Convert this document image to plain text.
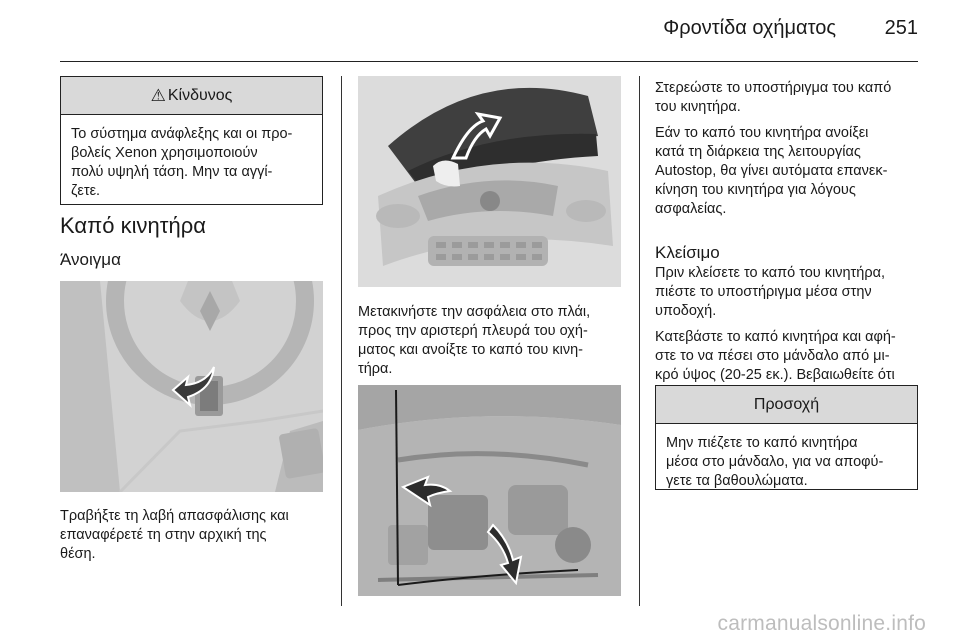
Φροντίδα οχήματος 251
⚠ Κίνδυνος
Το σύστημα ανάφλεξης και οι προ-
βολείς Xenon χρησιμοποιούν
πολύ υψηλή τάση. Μην τα αγγί-
ζετε.
Καπό κινητήρα
Άνοιγμα
Τραβήξτε τη λαβή απασφάλισης και
επαναφέρετέ τη στην αρχική της
θέση.
Μετακινήστε την ασφάλεια στο πλάι,
προς την αριστερή πλευρά του οχή-
ματος και ανοίξτε το καπό του κινη-
τήρα.

Στερεώστε το υποστήριγμα του καπό
του κινητήρα.

Εάν το καπό του κινητήρα ανοίξει
κατά τη διάρκεια της λειτουργίας
Autostop, θα γίνει αυτόματα επανεκ-
κίνηση του κινητήρα για λόγους
ασφαλείας.

Κλείσιμο

Πριν κλείσετε το καπό του κινητήρα,
πιέστε το υποστήριγμα μέσα στην
υποδοχή.

Κατεβάστε το καπό κινητήρα και αφή-
στε το να πέσει στο μάνδαλο από μι-
κρό ύψος (20-25 εκ.). Βεβαιωθείτε ότι

Προσοχή
Μην πιέζετε το καπό κινητήρα
μέσα στο μάνδαλο, για να αποφύ-
γετε τα βαθουλώματα.
carmanualsonline.info
